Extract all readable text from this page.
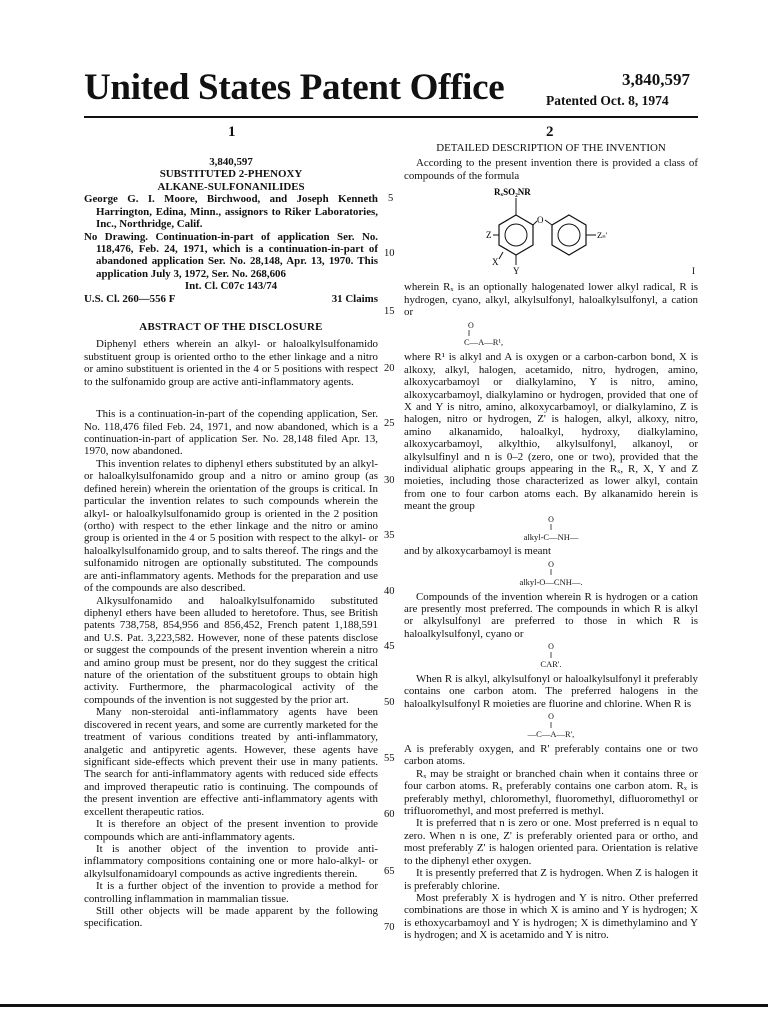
United States Patent Office	3,840,597
Patented Oct. 8, 1974
1	2

3,840,597

SUBSTITUTED 2-PHENOXY ALKANE-SULFONANILIDES

George G. I. Moore, Birchwood, and Joseph Kenneth Harrington, Edina, Minn., assignors to Riker Laboratories, Inc., Northridge, Calif.

No Drawing. Continuation-in-part of application Ser. No. 118,476, Feb. 24, 1971, which is a continuation-in-part of abandoned application Ser. No. 28,148, Apr. 13, 1970. This application July 3, 1972, Ser. No. 268,606

Int. Cl. C07c 143/74

U.S. Cl. 260—556 F	31 Claims

ABSTRACT OF THE DISCLOSURE

Diphenyl ethers wherein an alkyl- or haloalkylsulfonamido substituent group is oriented ortho to the ether linkage and a nitro or amino substituent is oriented in the 4 or 5 positions with respect to the sulfonamido group are active anti-inflammatory agents.

This is a continuation-in-part of the copending application, Ser. No. 118,476 filed Feb. 24, 1971, and now abandoned, which is a continuation-in-part of application Ser. No. 28,148 filed Apr. 13, 1970, now abandoned.

This invention relates to diphenyl ethers substituted by an alkyl- or haloalkylsulfonamido group and a nitro or amino group (as defined herein) wherein the orientation of the groups is critical. In particular the invention relates to such compounds wherein the alkyl- or haloalkylsulfonamido group is oriented in the 2 position (ortho) with respect to the ether linkage and the nitro or amino group is oriented in the 4 or 5 position with respect to the alkyl- or haloalkylsulfonamido group, and to salts thereof. The rings and the sulfonamido nitrogen are optionally substituted. The compounds are anti-inflammatory agents. Methods for the preparation and use of the compounds are also described.

Alkysulfonamido and haloalkylsulfonamido substituted diphenyl ethers have been alluded to heretofore. Thus, see British patents 738,758, 854,956 and 856,452, French patent 1,188,591 and U.S. Pat. 3,223,582. However, none of these patents disclose or suggest the compounds of the present invention wherein a nitro and amino group must be present, nor do they suggest the critical nature of the orientation of the substituent groups to obtain high activity. Furthermore, the pharmacological activity of the compounds of the invention is not suggested by the prior art.

Many non-steroidal anti-inflammatory agents have been discovered in recent years, and some are currently marketed for the treatment of various conditions treated by anti-inflammatory, analgetic and antipyretic agents. However, these agents have significant side-effects which prevent their use in many patients. The search for anti-inflammatory agents with reduced side effects and improved therapeutic ratio is continuing. The compounds of the present invention are effective anti-inflammatory agents with excellent therapeutic ratios.

It is therefore an object of the present invention to provide compounds which are anti-inflammatory agents.

It is another object of the invention to provide anti-inflammatory compositions containing one or more halo-alkyl- or alkylsulfonamidoaryl compounds as active ingredients therein.

It is a further object of the invention to provide a method for controlling inflammation in mammalian tissue.

Still other objects will be made apparent by the following specification.

5
10
15
20
25
30
35
40
45
50
55
60
65
70

DETAILED DESCRIPTION OF THE INVENTION

According to the present invention there is provided a class of compounds of the formula

RₓSO₂NR
O
Zₙ'
Z
X
Y	I

wherein Rₓ is an optionally halogenated lower alkyl radical, R is hydrogen, cyano, alkyl, alkylsulfonyl, haloalkylsulfonyl, a cation or

O
‖
C—A—R¹,

where R¹ is alkyl and A is oxygen or a carbon-carbon bond, X is alkoxy, alkyl, halogen, acetamido, nitro, hydrogen, amino, alkoxycarbamoyl or dialkylamino, Y is nitro, amino, alkoxycarbamoyl, dialkylamino or hydrogen, provided that one of X and Y is nitro, amino, alkoxycarbamoyl, or dialkylamino, Z is halogen, nitro or hydrogen, Z' is halogen, alkyl, alkoxy, nitro, amino alkanamido, haloalkyl, hydroxy, dialkylamino, alkoxycarbamoyl, alkylthio, alkylsulfonyl, alkanoyl, or alkylsulfinyl and n is 0–2 (zero, one or two), provided that the individual aliphatic groups appearing in the Rₓ, R, X, Y and Z moieties, including those characterized as lower alkyl, contain from one to four carbon atoms each. By alkanamido herein is meant the group

O
‖
alkyl-C—NH—

and by alkoxycarbamoyl is meant

O
‖
alkyl-O—CNH—.

Compounds of the invention wherein R is hydrogen or a cation are presently most preferred. The compounds in which R is alkyl or alkylsulfonyl are preferred to those in which R is haloalkylsulfonyl, cyano or

O
‖
CAR'.

When R is alkyl, alkylsulfonyl or haloalkylsulfonyl it preferably contains one carbon atom. The preferred halogens in the haloalkylsulfonyl R moieties are fluorine and chlorine. When R is

O
‖
—C—A—R',

A is preferably oxygen, and R' preferably contains one or two carbon atoms.

Rₓ may be straight or branched chain when it contains three or four carbon atoms. Rₓ preferably contains one carbon atom. Rₓ is preferably methyl, chloromethyl, fluoromethyl, difluoromethyl or trifluoromethyl, and most preferred is methyl.

It is preferred that n is zero or one. Most preferred is n equal to zero. When n is one, Z' is preferably oriented para or ortho, and most preferably Z' is halogen oriented para. Orientation is relative to the diphenyl ether oxygen.

It is presently preferred that Z is hydrogen. When Z is halogen it is preferably chlorine.

Most preferably X is hydrogen and Y is nitro. Other preferred combinations are those in which X is amino and Y is hydrogen; X is ethoxycarbamoyl and Y is hydrogen; X is dimethylamino and Y is hydrogen; and X is acetamido and Y is nitro.
